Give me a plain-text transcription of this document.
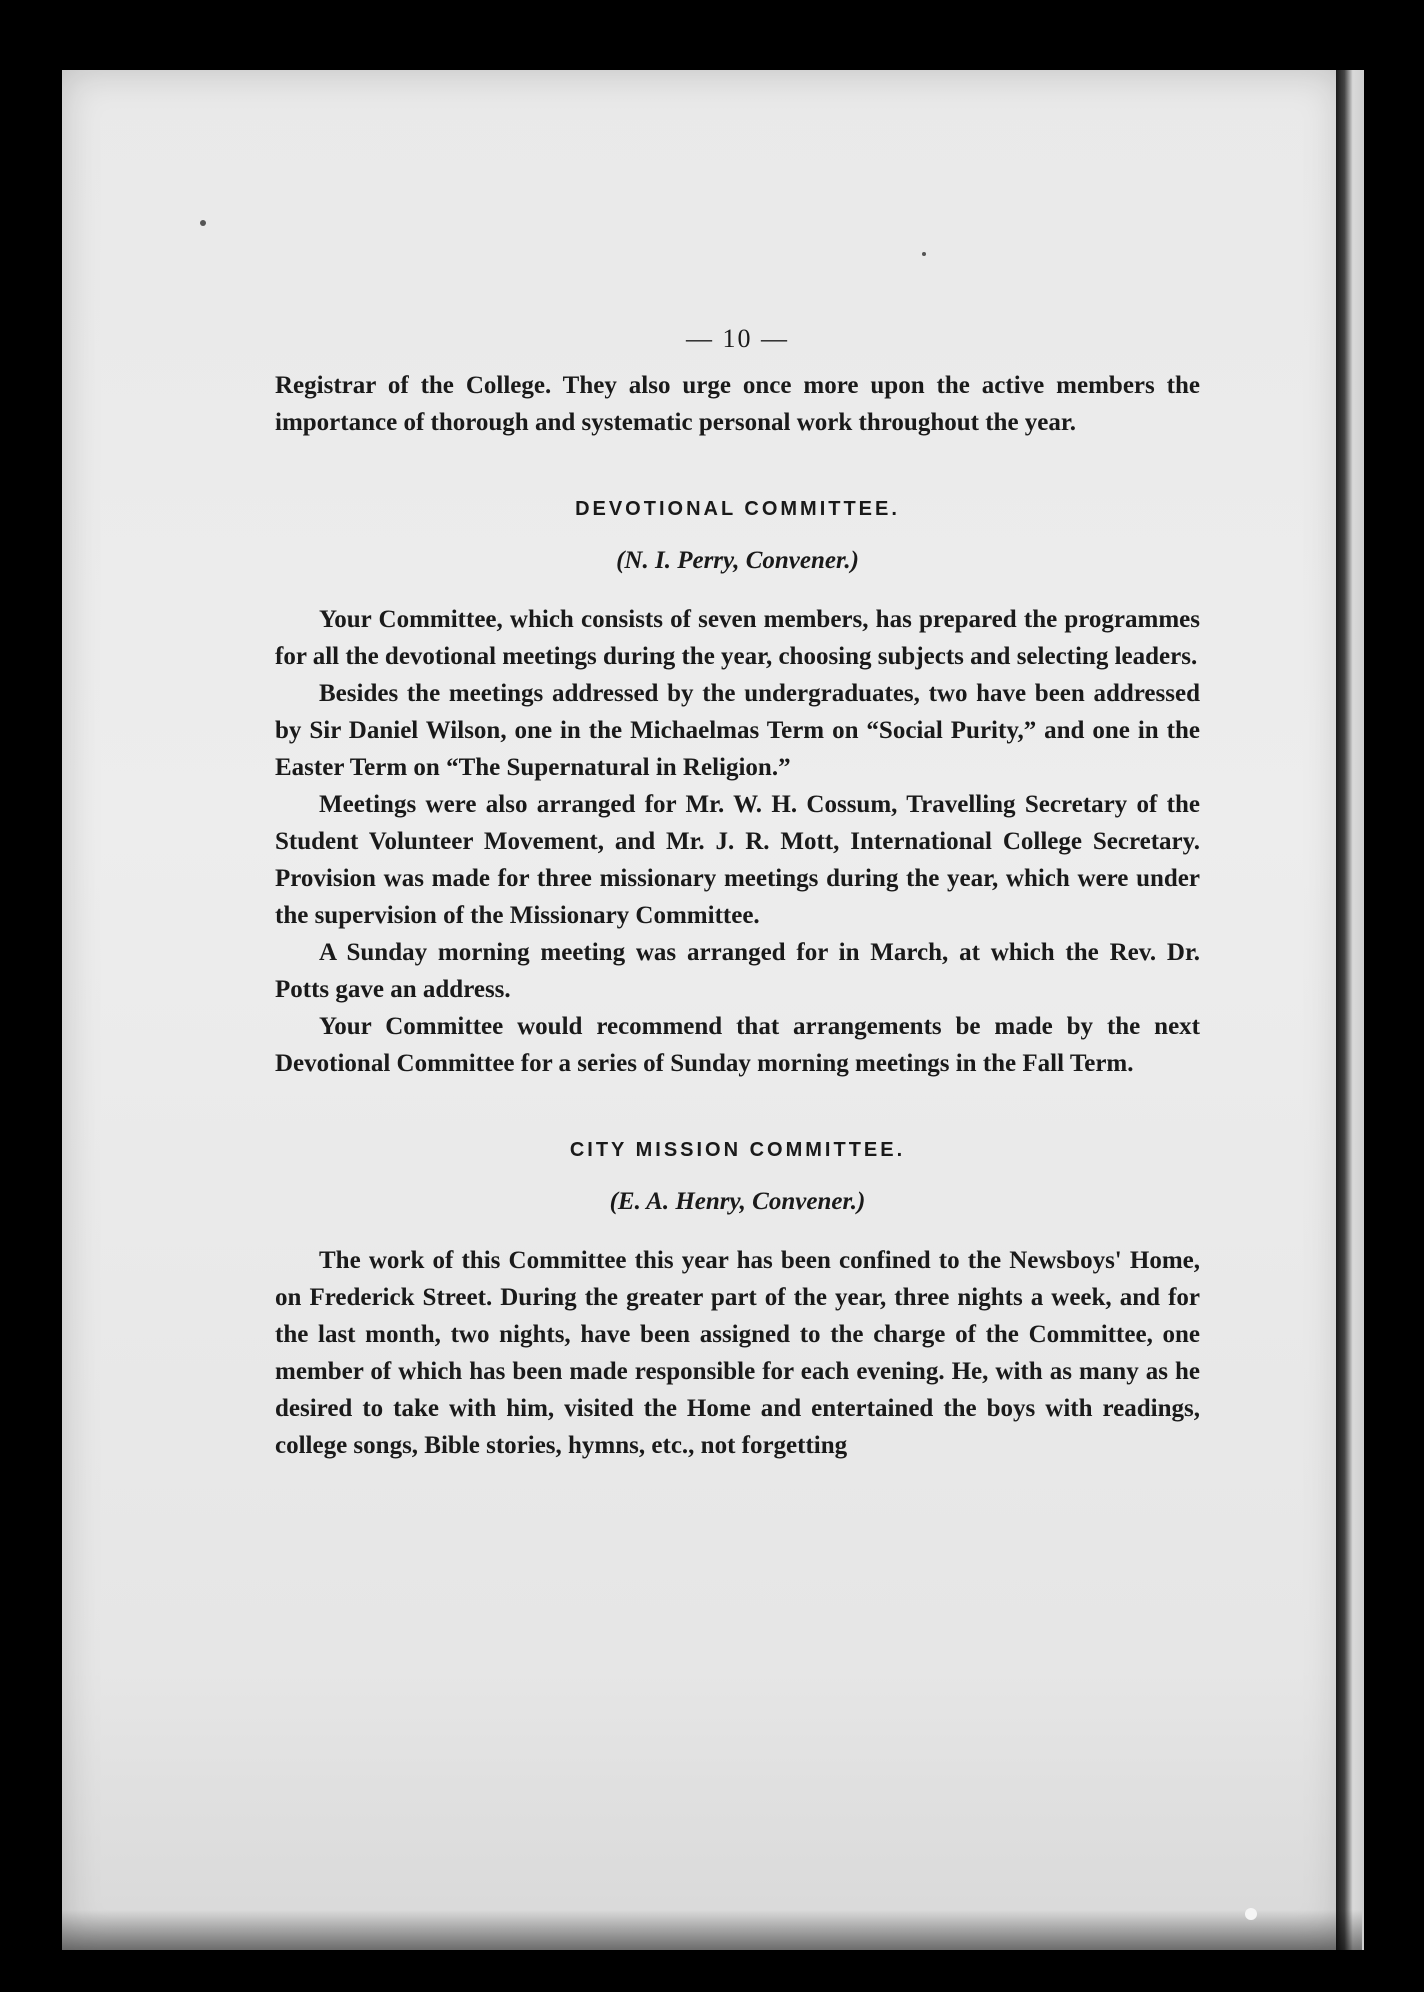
— 10 —

Registrar of the College. They also urge once more upon the active members the importance of thorough and systematic personal work throughout the year.

DEVOTIONAL COMMITTEE.
(N. I. Perry, Convener.)

Your Committee, which consists of seven members, has prepared the programmes for all the devotional meetings during the year, choosing subjects and selecting leaders.

Besides the meetings addressed by the undergraduates, two have been addressed by Sir Daniel Wilson, one in the Michaelmas Term on “Social Purity,” and one in the Easter Term on “The Supernatural in Religion.”

Meetings were also arranged for Mr. W. H. Cossum, Travelling Secretary of the Student Volunteer Movement, and Mr. J. R. Mott, International College Secretary. Provision was made for three missionary meetings during the year, which were under the supervision of the Missionary Committee.

A Sunday morning meeting was arranged for in March, at which the Rev. Dr. Potts gave an address.

Your Committee would recommend that arrangements be made by the next Devotional Committee for a series of Sunday morning meetings in the Fall Term.

CITY MISSION COMMITTEE.
(E. A. Henry, Convener.)

The work of this Committee this year has been confined to the Newsboys' Home, on Frederick Street. During the greater part of the year, three nights a week, and for the last month, two nights, have been assigned to the charge of the Committee, one member of which has been made responsible for each evening. He, with as many as he desired to take with him, visited the Home and entertained the boys with readings, college songs, Bible stories, hymns, etc., not forgetting
